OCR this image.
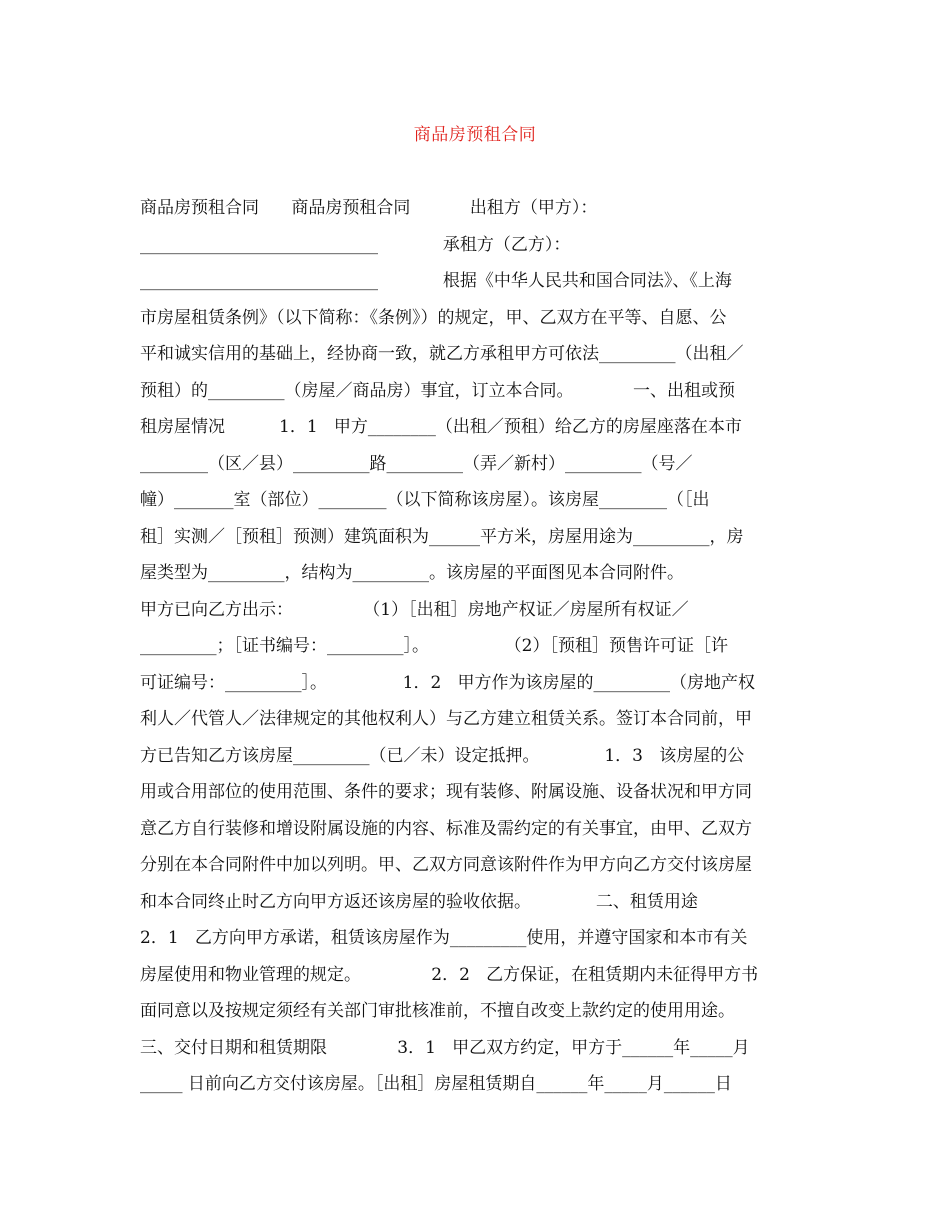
商品房预租合同
商品房预租合同      商品房预租合同           出租方（甲方）：
____________________________            承租方（乙方）：
____________________________            根据《中华人民共和国合同法》、《上海
市房屋租赁条例》（以下简称：《条例》）的规定，甲、乙双方在平等、自愿、公
平和诚实信用的基础上，经协商一致，就乙方承租甲方可依法_________（出租／
预租）的_________（房屋／商品房）事宜，订立本合同。           一、出租或预
租房屋情况          1．1   甲方________（出租／预租）给乙方的房屋座落在本市
________（区／县）_________路_________（弄／新村）_________（号／
幢）_______室（部位）________（以下简称该房屋）。该房屋________（［出
租］实测／［预租］预测）建筑面积为______平方米，房屋用途为_________，房
屋类型为_________，结构为_________。该房屋的平面图见本合同附件。
甲方已向乙方出示：             （1）［出租］房地产权证／房屋所有权证／
_________；［证书编号：_________］。              （2）［预租］预售许可证［许
可证编号：_________］。              1．2   甲方作为该房屋的_________（房地产权
利人／代管人／法律规定的其他权利人）与乙方建立租赁关系。签订本合同前，甲
方已告知乙方该房屋_________（已／未）设定抵押。            1．3   该房屋的公
用或合用部位的使用范围、条件的要求；现有装修、附属设施、设备状况和甲方同
意乙方自行装修和增设附属设施的内容、标准及需约定的有关事宜，由甲、乙双方
分别在本合同附件中加以列明。甲、乙双方同意该附件作为甲方向乙方交付该房屋
和本合同终止时乙方向甲方返还该房屋的验收依据。            二、租赁用途
2．1   乙方向甲方承诺，租赁该房屋作为_________使用，并遵守国家和本市有关
房屋使用和物业管理的规定。             2．2   乙方保证，在租赁期内未征得甲方书
面同意以及按规定须经有关部门审批核准前，不擅自改变上款约定的使用用途。
三、交付日期和租赁期限             3．1   甲乙双方约定，甲方于______年_____月
_____ 日前向乙方交付该房屋。［出租］房屋租赁期自______年_____月______日
